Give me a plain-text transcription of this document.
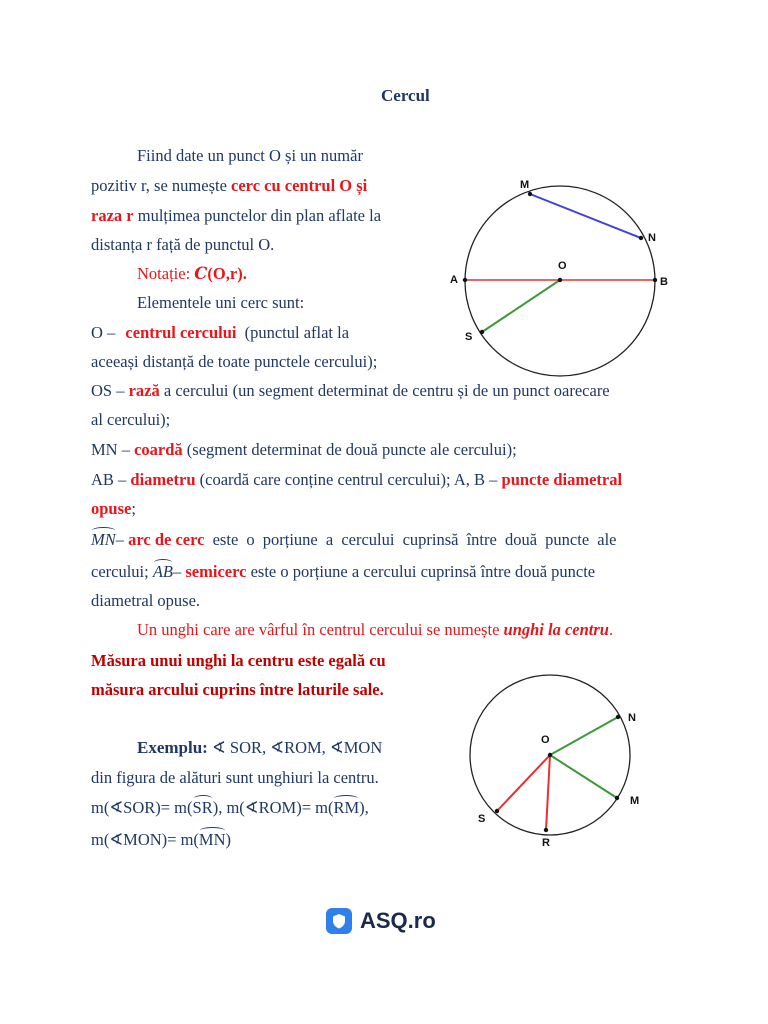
Cercul
Fiind date un punct O și un număr
pozitiv r, se numește cerc cu centrul O și
raza r mulțimea punctelor din plan aflate la
distanța r față de punctul O.
Notație: C(O,r).
Elementele uni cerc sunt:
O – centrul cercului (punctul aflat la
aceeași distanță de toate punctele cercului);
OS – rază a cercului (un segment determinat de centru și de un punct oarecare
al cercului);
MN – coardă (segment determinat de două puncte ale cercului);
AB – diametru (coardă care conține centrul cercului); A, B – puncte diametral
opuse;
MN– arc de cerc este o porțiune a cercului cuprinsă între două puncte ale
cercului; AB– semicerc este o porțiune a cercului cuprinsă între două puncte
diametral opuse.
Un unghi care are vârful în centrul cercului se numește unghi la centru.
Măsura unui unghi la centru este egală cu
măsura arcului cuprins între laturile sale.
Exemplu: ∢ SOR, ∢ROM, ∢MON
din figura de alături sunt unghiuri la centru.
m(∢SOR)= m(SR), m(∢ROM)= m(RM),
m(∢MON)= m(MN)
M
N
O
A	B
S
N
O
M
S
R
ASQ.ro
